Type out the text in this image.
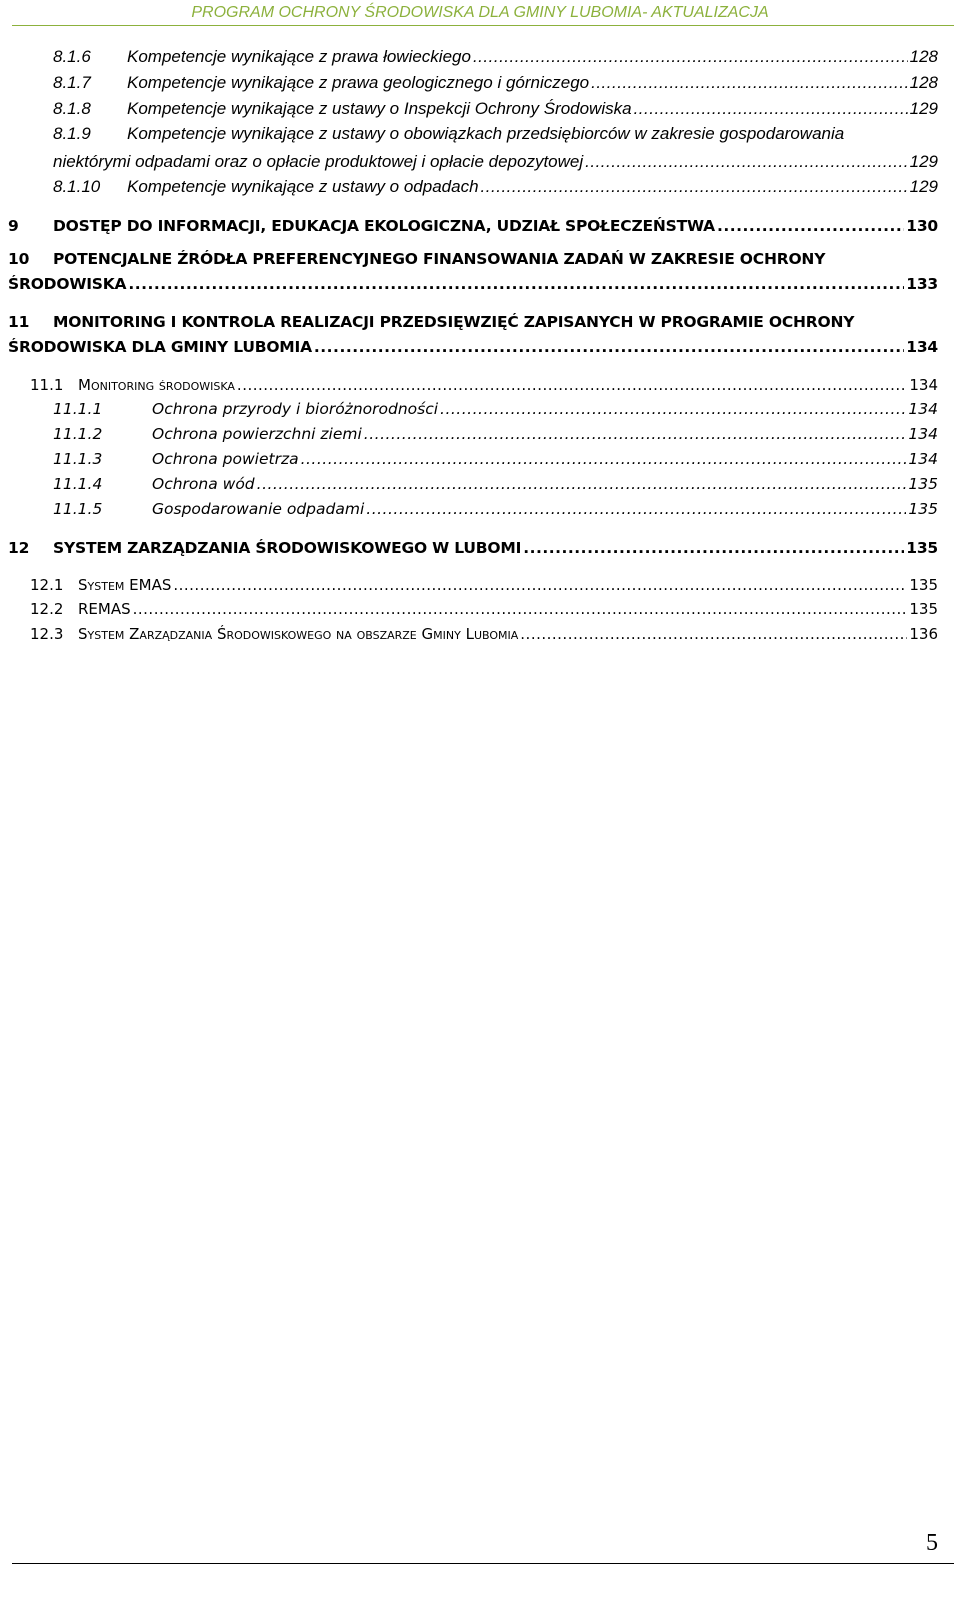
PROGRAM OCHRONY ŚRODOWISKA DLA GMINY LUBOMIA- AKTUALIZACJA
8.1.6	Kompetencje wynikające z prawa łowieckiego .....	128
8.1.7	Kompetencje wynikające z prawa geologicznego i górniczego .....	128
8.1.8	Kompetencje wynikające z ustawy o Inspekcji Ochrony Środowiska .....	129
8.1.9	Kompetencje wynikające z ustawy o obowiązkach przedsiębiorców w zakresie gospodarowania
niektórymi odpadami oraz o opłacie produktowej i opłacie depozytowej .....	129
8.1.10	Kompetencje wynikające z ustawy o odpadach .....	129
9	DOSTĘP DO INFORMACJI, EDUKACJA EKOLOGICZNA, UDZIAŁ SPOŁECZEŃSTWA .....	130
10	POTENCJALNE ŹRÓDŁA PREFERENCYJNEGO FINANSOWANIA ZADAŃ W ZAKRESIE OCHRONY
ŚRODOWISKA .....	133
11	MONITORING I KONTROLA REALIZACJI PRZEDSIĘWZIĘĆ ZAPISANYCH W PROGRAMIE OCHRONY
ŚRODOWISKA DLA GMINY LUBOMIA .....	134
11.1 Monitoring środowiska .....	134
11.1.1	Ochrona przyrody i bioróżnorodności .....	134
11.1.2	Ochrona powierzchni ziemi .....	134
11.1.3	Ochrona powietrza .....	134
11.1.4	Ochrona wód .....	135
11.1.5	Gospodarowanie odpadami .....	135
12	SYSTEM ZARZĄDZANIA ŚRODOWISKOWEGO W LUBOMI .....	135
12.1 System EMAS .....	135
12.2 REMAS .....	135
12.3 System Zarządzania Środowiskowego na obszarze Gminy Lubomia .....	136
5
